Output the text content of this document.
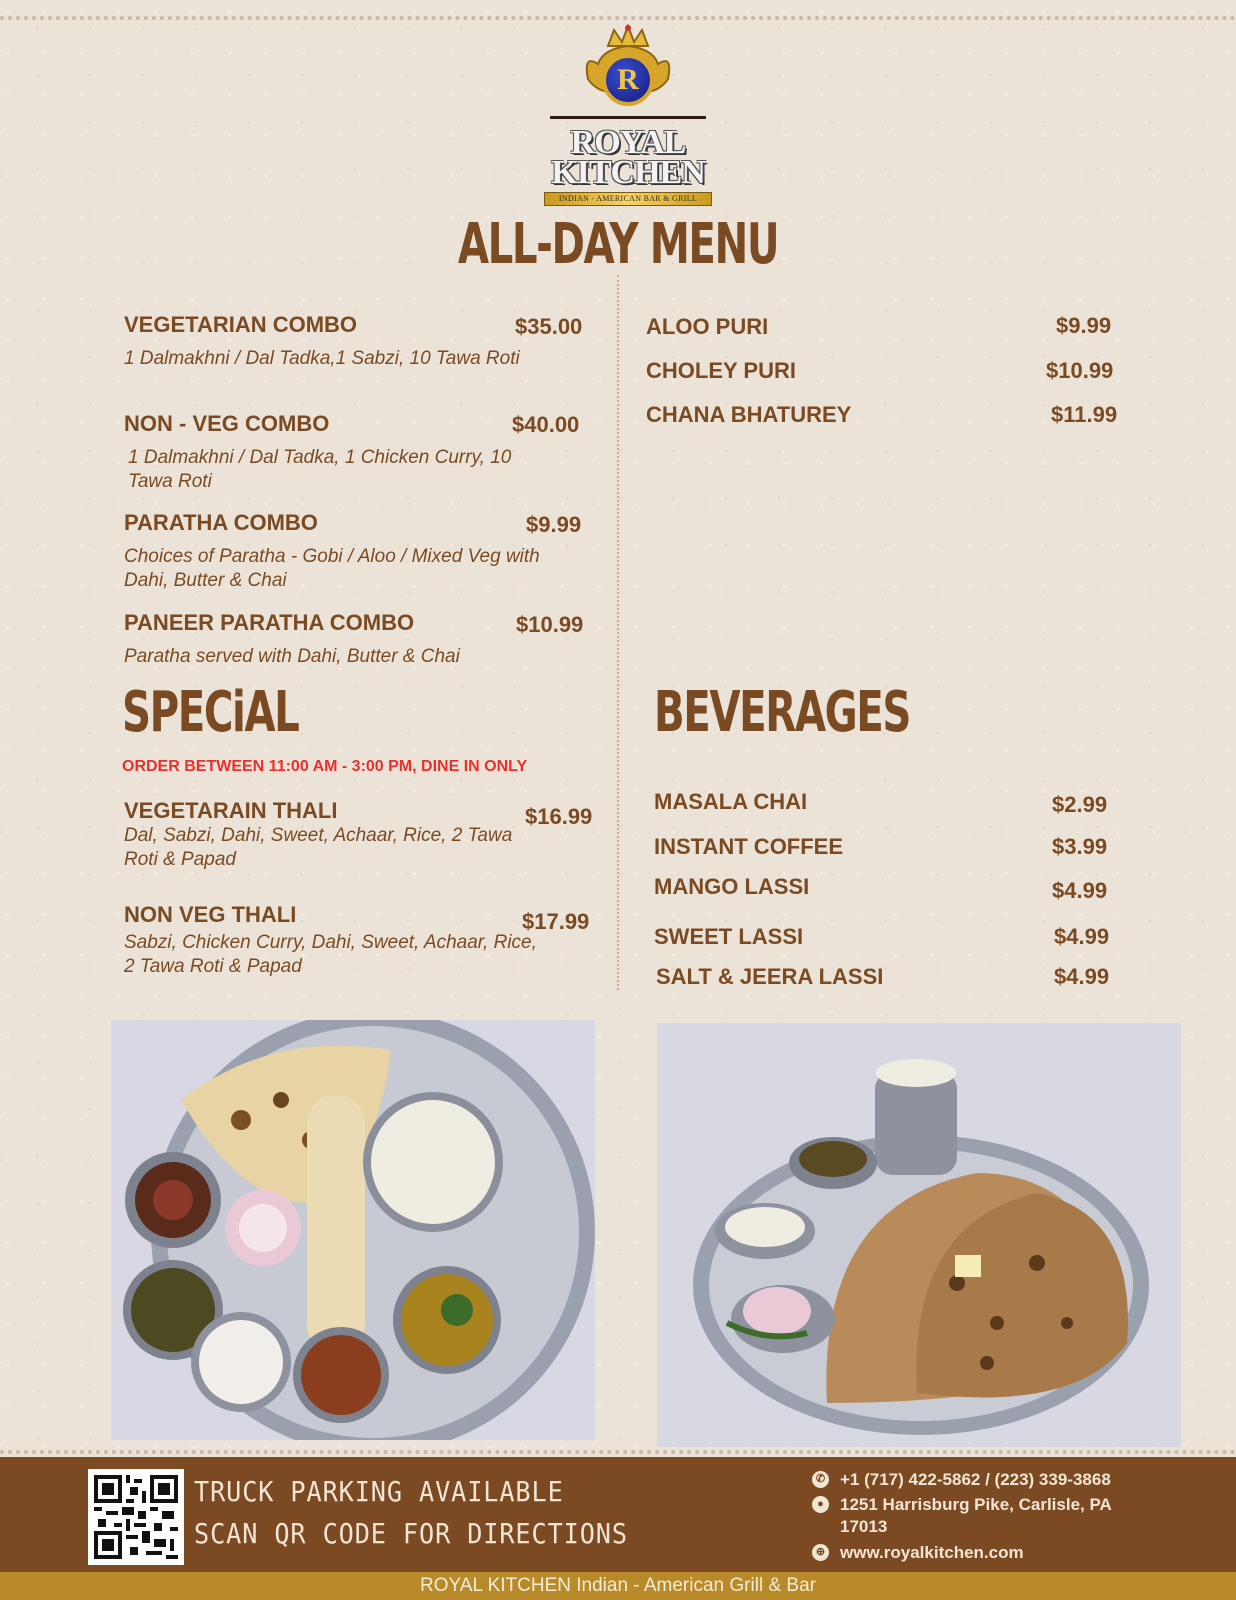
R
ROYAL
KITCHEN
INDIAN - AMERICAN BAR & GRILL
ALL-DAY MENU
VEGETARIAN COMBO	$35.00
1 Dalmakhni / Dal Tadka,1 Sabzi, 10 Tawa Roti
NON - VEG COMBO	$40.00
1 Dalmakhni / Dal Tadka, 1 Chicken Curry, 10 Tawa Roti
PARATHA COMBO	$9.99
Choices of Paratha - Gobi / Aloo / Mixed Veg with Dahi, Butter & Chai
PANEER PARATHA COMBO	$10.99
Paratha served with Dahi, Butter & Chai
ALOO PURI	$9.99
CHOLEY PURI	$10.99
CHANA BHATUREY	$11.99
SPECiAL
ORDER BETWEEN 11:00 AM - 3:00 PM, DINE IN ONLY
VEGETARAIN THALI	$16.99
Dal, Sabzi, Dahi, Sweet, Achaar, Rice, 2 Tawa Roti & Papad
NON VEG THALI	$17.99
Sabzi, Chicken Curry, Dahi, Sweet, Achaar, Rice, 2 Tawa Roti & Papad
BEVERAGES
MASALA CHAI	$2.99
INSTANT COFFEE	$3.99
MANGO LASSI	$4.99
SWEET LASSI	$4.99
SALT & JEERA LASSI	$4.99
TRUCK PARKING AVAILABLE
SCAN QR CODE FOR DIRECTIONS
✆ +1 (717) 422-5862 / (223) 339-3868
● 1251 Harrisburg Pike, Carlisle, PA 17013
⊕ www.royalkitchen.com
ROYAL KITCHEN Indian - American Grill & Bar
